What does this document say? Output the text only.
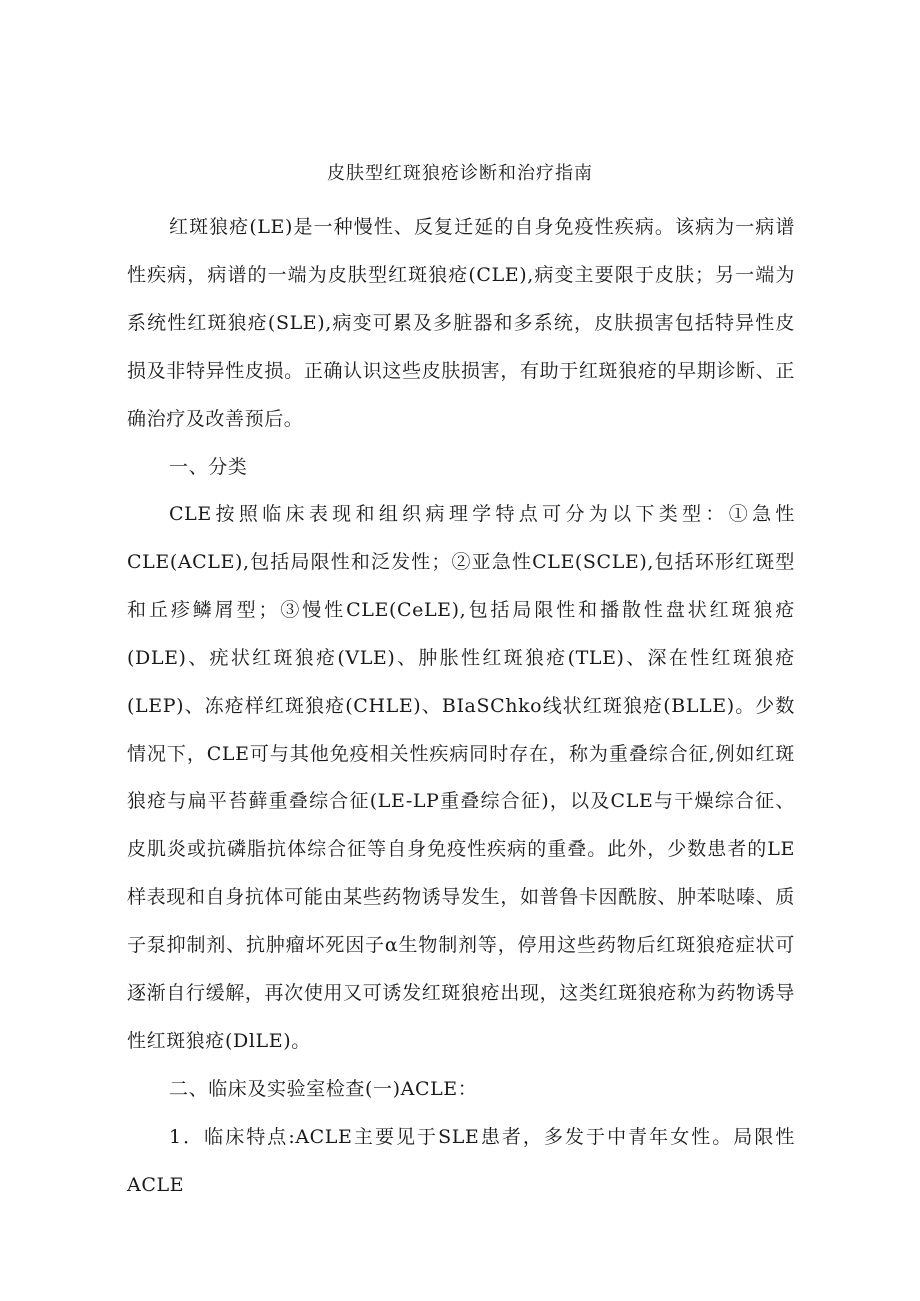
皮肤型红斑狼疮诊断和治疗指南

红斑狼疮(LE)是一种慢性、反复迁延的自身免疫性疾病。该病为一病谱性疾病，病谱的一端为皮肤型红斑狼疮(CLE),病变主要限于皮肤；另一端为系统性红斑狼疮(SLE),病变可累及多脏器和多系统，皮肤损害包括特异性皮损及非特异性皮损。正确认识这些皮肤损害，有助于红斑狼疮的早期诊断、正确治疗及改善预后。

一、分类

CLE按照临床表现和组织病理学特点可分为以下类型：①急性CLE(ACLE),包括局限性和泛发性；②亚急性CLE(SCLE),包括环形红斑型和丘疹鳞屑型；③慢性CLE(CeLE),包括局限性和播散性盘状红斑狼疮(DLE)、疣状红斑狼疮(VLE)、肿胀性红斑狼疮(TLE)、深在性红斑狼疮(LEP)、冻疮样红斑狼疮(CHLE)、BIaSChko线状红斑狼疮(BLLE)。少数情况下，CLE可与其他免疫相关性疾病同时存在，称为重叠综合征,例如红斑狼疮与扁平苔藓重叠综合征(LE-LP重叠综合征)，以及CLE与干燥综合征、皮肌炎或抗磷脂抗体综合征等自身免疫性疾病的重叠。此外，少数患者的LE样表现和自身抗体可能由某些药物诱导发生，如普鲁卡因酰胺、肿苯哒嗪、质子泵抑制剂、抗肿瘤坏死因子α生物制剂等，停用这些药物后红斑狼疮症状可逐渐自行缓解，再次使用又可诱发红斑狼疮出现，这类红斑狼疮称为药物诱导性红斑狼疮(DlLE)。

二、临床及实验室检查(一)ACLE：

1．临床特点:ACLE主要见于SLE患者，多发于中青年女性。局限性ACLE
